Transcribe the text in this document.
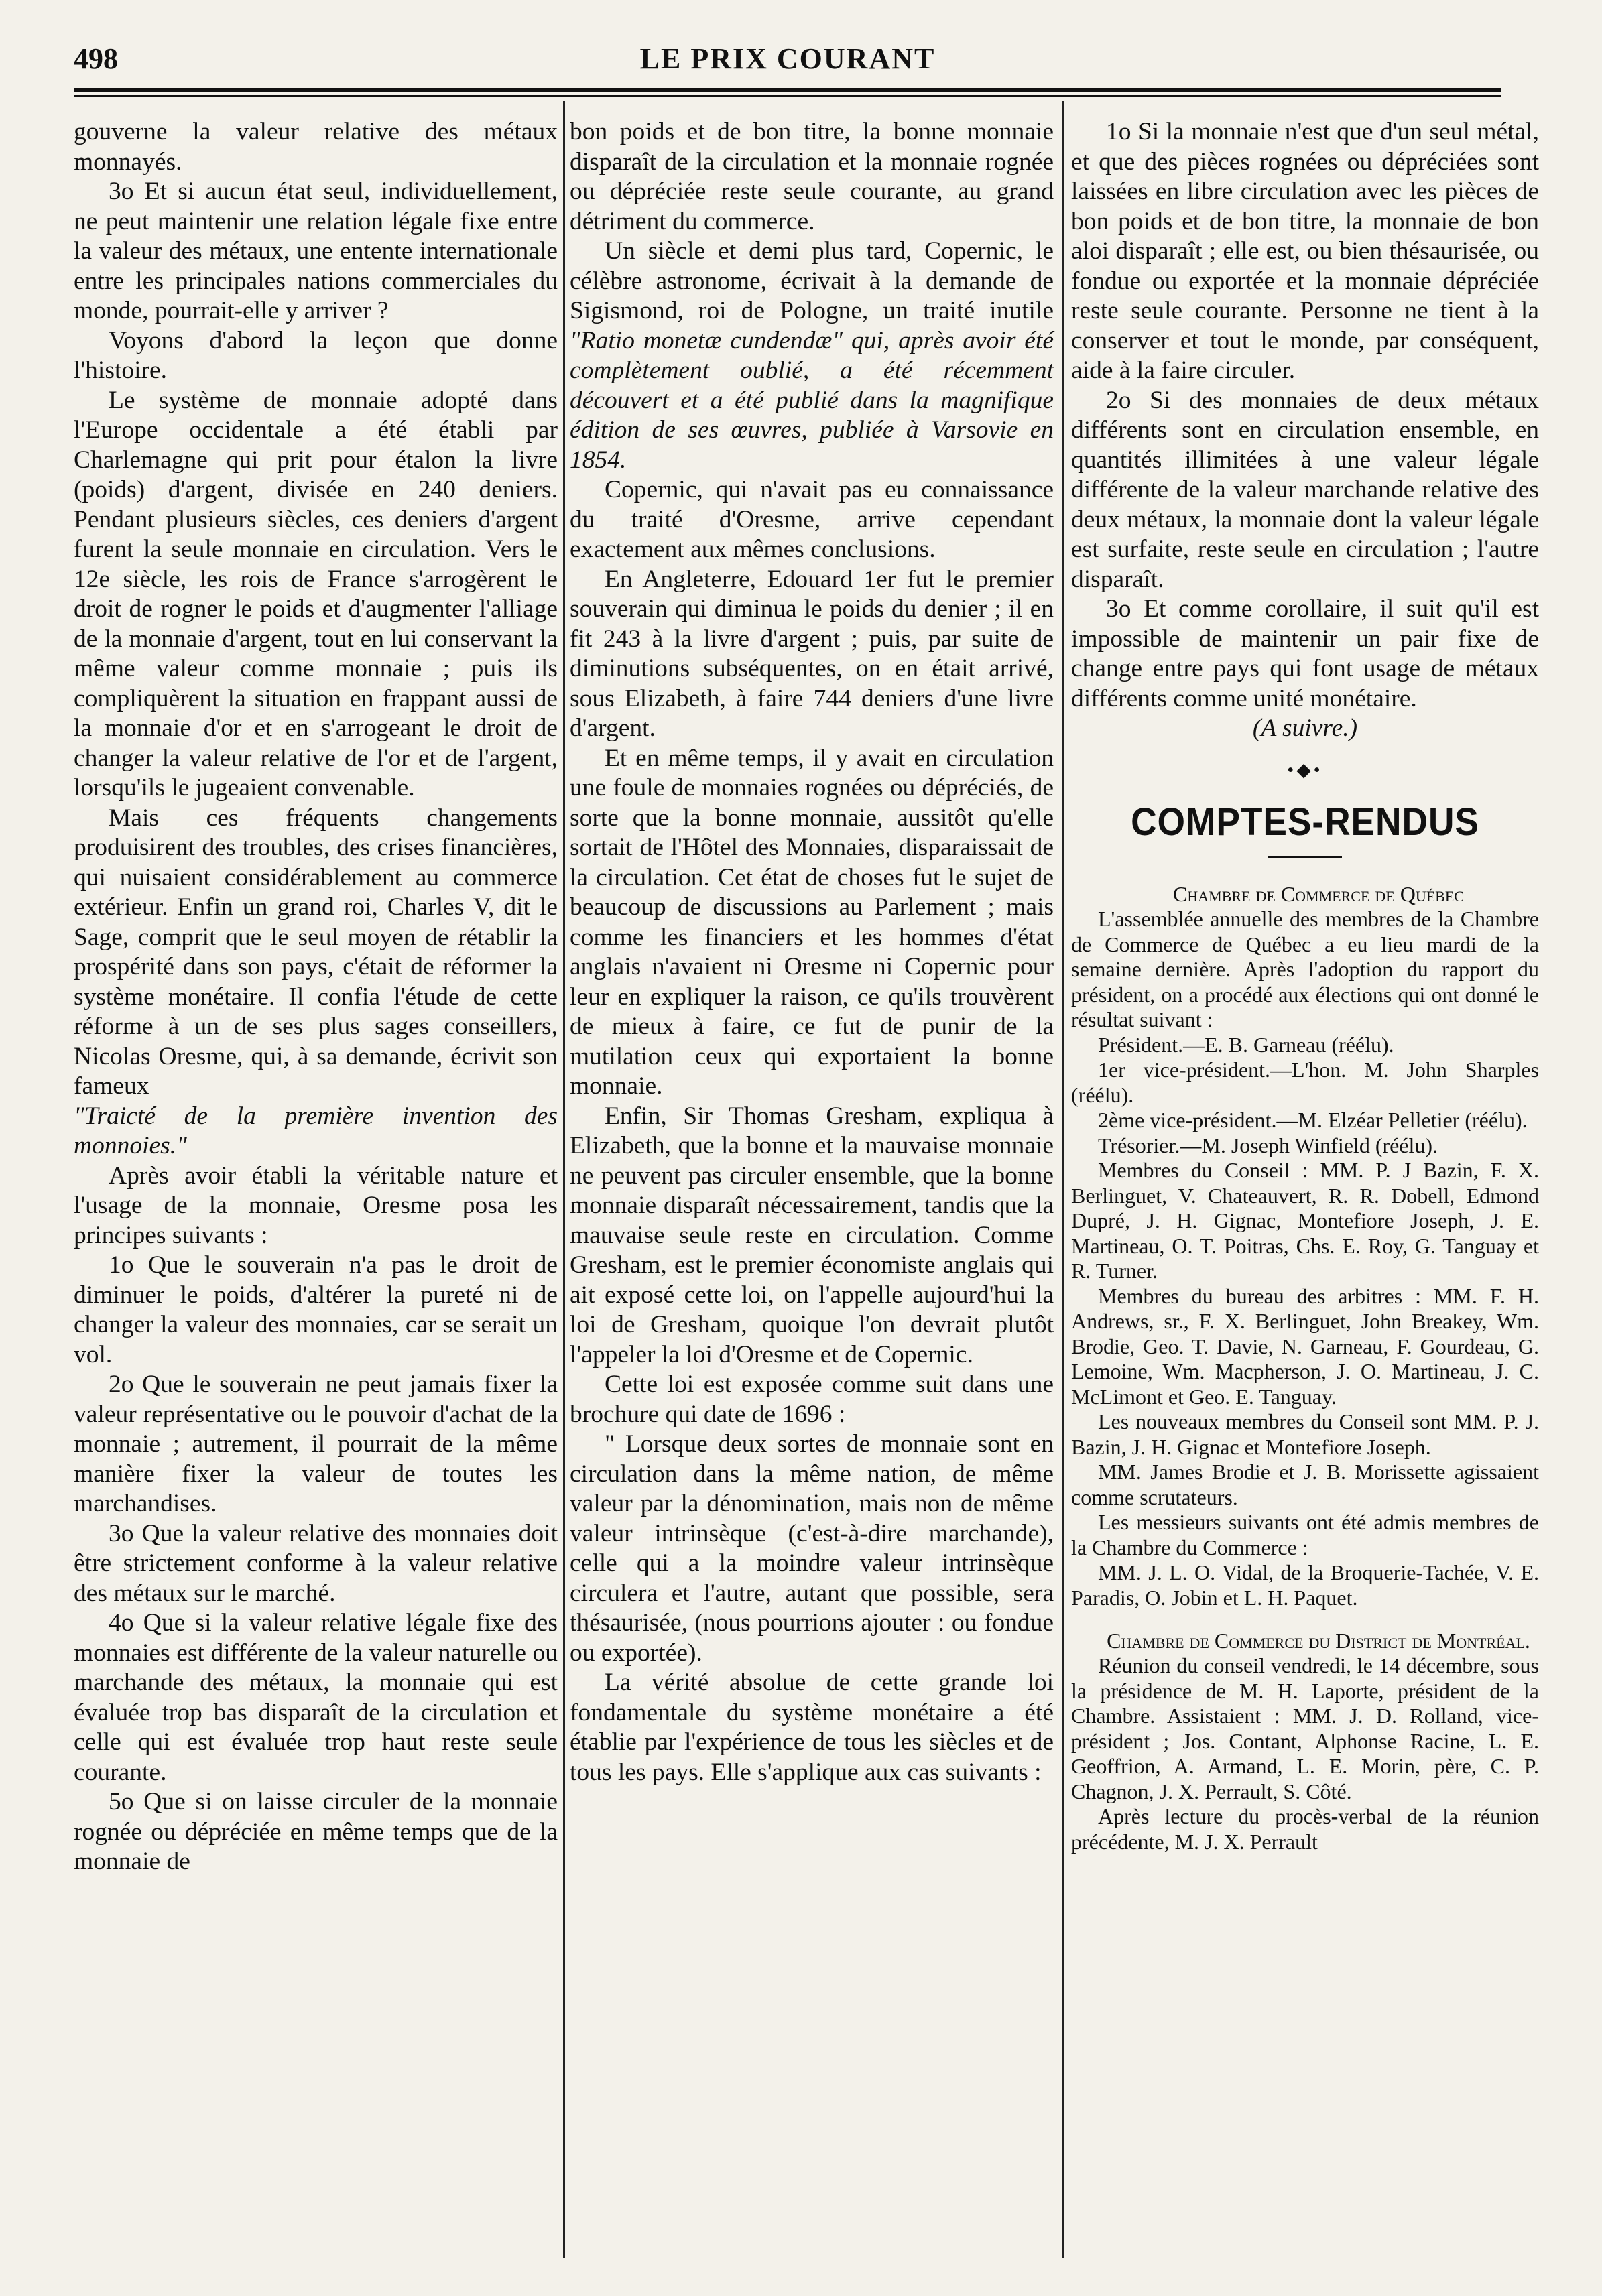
498	LE PRIX COURANT

gouverne la valeur relative des métaux monnayés.

3o Et si aucun état seul, individuellement, ne peut maintenir une relation légale fixe entre la valeur des métaux, une entente internationale entre les principales nations commerciales du monde, pourrait-elle y arriver ?

Voyons d'abord la leçon que donne l'histoire.

Le système de monnaie adopté dans l'Europe occidentale a été établi par Charlemagne qui prit pour étalon la livre (poids) d'argent, divisée en 240 deniers. Pendant plusieurs siècles, ces deniers d'argent furent la seule monnaie en circulation. Vers le 12e siècle, les rois de France s'arrogèrent le droit de rogner le poids et d'augmenter l'alliage de la monnaie d'argent, tout en lui conservant la même valeur comme monnaie ; puis ils compliquèrent la situation en frappant aussi de la monnaie d'or et en s'arrogeant le droit de changer la valeur relative de l'or et de l'argent, lorsqu'ils le jugeaient convenable.

Mais ces fréquents changements produisirent des troubles, des crises financières, qui nuisaient considérablement au commerce extérieur. Enfin un grand roi, Charles V, dit le Sage, comprit que le seul moyen de rétablir la prospérité dans son pays, c'était de réformer la système monétaire. Il confia l'étude de cette réforme à un de ses plus sages conseillers, Nicolas Oresme, qui, à sa demande, écrivit son fameux

"Traicté de la première invention des monnoies."

Après avoir établi la véritable nature et l'usage de la monnaie, Oresme posa les principes suivants :

1o Que le souverain n'a pas le droit de diminuer le poids, d'altérer la pureté ni de changer la valeur des monnaies, car se serait un vol.

2o Que le souverain ne peut jamais fixer la valeur représentative ou le pouvoir d'achat de la monnaie ; autrement, il pourrait de la même manière fixer la valeur de toutes les marchandises.

3o Que la valeur relative des monnaies doit être strictement conforme à la valeur relative des métaux sur le marché.

4o Que si la valeur relative légale fixe des monnaies est différente de la valeur naturelle ou marchande des métaux, la monnaie qui est évaluée trop bas disparaît de la circulation et celle qui est évaluée trop haut reste seule courante.

5o Que si on laisse circuler de la monnaie rognée ou dépréciée en même temps que de la monnaie de

bon poids et de bon titre, la bonne monnaie disparaît de la circulation et la monnaie rognée ou dépréciée reste seule courante, au grand détriment du commerce.

Un siècle et demi plus tard, Copernic, le célèbre astronome, écrivait à la demande de Sigismond, roi de Pologne, un traité inutile "Ratio monetæ cundendæ" qui, après avoir été complètement oublié, a été récemment découvert et a été publié dans la magnifique édition de ses œuvres, publiée à Varsovie en 1854.

Copernic, qui n'avait pas eu connaissance du traité d'Oresme, arrive cependant exactement aux mêmes conclusions.

En Angleterre, Edouard 1er fut le premier souverain qui diminua le poids du denier ; il en fit 243 à la livre d'argent ; puis, par suite de diminutions subséquentes, on en était arrivé, sous Elizabeth, à faire 744 deniers d'une livre d'argent.

Et en même temps, il y avait en circulation une foule de monnaies rognées ou dépréciés, de sorte que la bonne monnaie, aussitôt qu'elle sortait de l'Hôtel des Monnaies, disparaissait de la circulation. Cet état de choses fut le sujet de beaucoup de discussions au Parlement ; mais comme les financiers et les hommes d'état anglais n'avaient ni Oresme ni Copernic pour leur en expliquer la raison, ce qu'ils trouvèrent de mieux à faire, ce fut de punir de la mutilation ceux qui exportaient la bonne monnaie.

Enfin, Sir Thomas Gresham, expliqua à Elizabeth, que la bonne et la mauvaise monnaie ne peuvent pas circuler ensemble, que la bonne monnaie disparaît nécessairement, tandis que la mauvaise seule reste en circulation. Comme Gresham, est le premier économiste anglais qui ait exposé cette loi, on l'appelle aujourd'hui la loi de Gresham, quoique l'on devrait plutôt l'appeler la loi d'Oresme et de Copernic.

Cette loi est exposée comme suit dans une brochure qui date de 1696 :

" Lorsque deux sortes de monnaie sont en circulation dans la même nation, de même valeur par la dénomination, mais non de même valeur intrinsèque (c'est-à-dire marchande), celle qui a la moindre valeur intrinsèque circulera et l'autre, autant que possible, sera thésaurisée, (nous pourrions ajouter : ou fondue ou exportée).

La vérité absolue de cette grande loi fondamentale du système monétaire a été établie par l'expérience de tous les siècles et de tous les pays. Elle s'applique aux cas suivants :

1o Si la monnaie n'est que d'un seul métal, et que des pièces rognées ou dépréciées sont laissées en libre circulation avec les pièces de bon poids et de bon titre, la monnaie de bon aloi disparaît ; elle est, ou bien thésaurisée, ou fondue ou exportée et la monnaie dépréciée reste seule courante. Personne ne tient à la conserver et tout le monde, par conséquent, aide à la faire circuler.

2o Si des monnaies de deux métaux différents sont en circulation ensemble, en quantités illimitées à une valeur légale différente de la valeur marchande relative des deux métaux, la monnaie dont la valeur légale est surfaite, reste seule en circulation ; l'autre disparaît.

3o Et comme corollaire, il suit qu'il est impossible de maintenir un pair fixe de change entre pays qui font usage de métaux différents comme unité monétaire.

(A suivre.)

•◆•
COMPTES-RENDUS

Chambre de Commerce de Québec

L'assemblée annuelle des membres de la Chambre de Commerce de Québec a eu lieu mardi de la semaine dernière. Après l'adoption du rapport du président, on a procédé aux élections qui ont donné le résultat suivant :

Président.—E. B. Garneau (réélu).

1er vice-président.—L'hon. M. John Sharples (réélu).

2ème vice-président.—M. Elzéar Pelletier (réélu).

Trésorier.—M. Joseph Winfield (réélu).

Membres du Conseil : MM. P. J Bazin, F. X. Berlinguet, V. Chateauvert, R. R. Dobell, Edmond Dupré, J. H. Gignac, Montefiore Joseph, J. E. Martineau, O. T. Poitras, Chs. E. Roy, G. Tanguay et R. Turner.

Membres du bureau des arbitres : MM. F. H. Andrews, sr., F. X. Berlinguet, John Breakey, Wm. Brodie, Geo. T. Davie, N. Garneau, F. Gourdeau, G. Lemoine, Wm. Macpherson, J. O. Martineau, J. C. McLimont et Geo. E. Tanguay.

Les nouveaux membres du Conseil sont MM. P. J. Bazin, J. H. Gignac et Montefiore Joseph.

MM. James Brodie et J. B. Morissette agissaient comme scrutateurs.

Les messieurs suivants ont été admis membres de la Chambre du Commerce :

MM. J. L. O. Vidal, de la Broquerie-Tachée, V. E. Paradis, O. Jobin et L. H. Paquet.

Chambre de Commerce du District de Montréal.

Réunion du conseil vendredi, le 14 décembre, sous la présidence de M. H. Laporte, président de la Chambre. Assistaient : MM. J. D. Rolland, vice-président ; Jos. Contant, Alphonse Racine, L. E. Geoffrion, A. Armand, L. E. Morin, père, C. P. Chagnon, J. X. Perrault, S. Côté.

Après lecture du procès-verbal de la réunion précédente, M. J. X. Perrault
